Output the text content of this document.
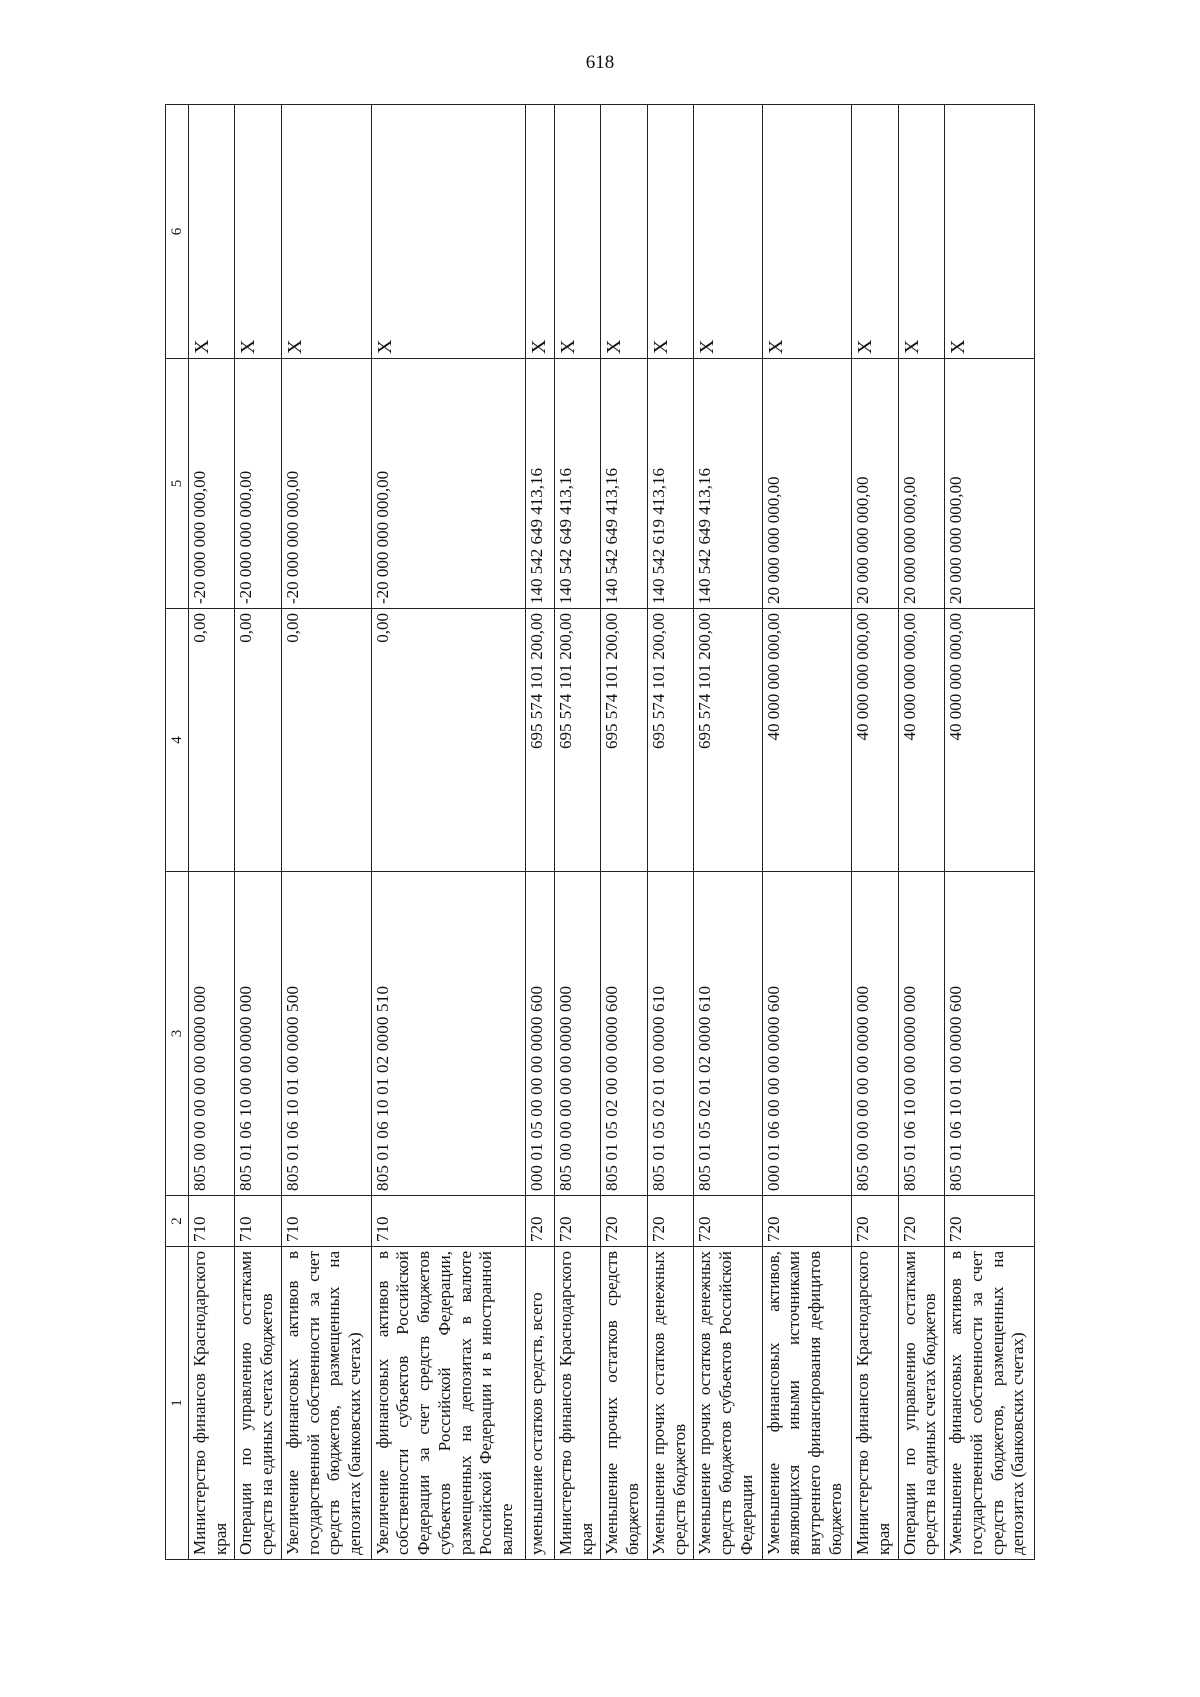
618
1	2	3	4	5	6
Министерство финансов Краснодарского края	710	805 00 00 00 00 00 0000 000	0,00	-20 000 000 000,00	X
Операции по управлению остатками средств на единых счетах бюджетов	710	805 01 06 10 00 00 0000 000	0,00	-20 000 000 000,00	X
Увеличение финансовых активов в государственной собственности за счет средств бюджетов, размещенных на депозитах (банковских счетах)	710	805 01 06 10 01 00 0000 500	0,00	-20 000 000 000,00	X
Увеличение финансовых активов в собственности субъектов Российской Федерации за счет средств бюджетов субъектов Российской Федерации, размещенных на депозитах в валюте Российской Федерации и в иностранной валюте	710	805 01 06 10 01 02 0000 510	0,00	-20 000 000 000,00	X
уменьшение остатков средств, всего	720	000 01 05 00 00 00 0000 600	695 574 101 200,00	140 542 649 413,16	X
Министерство финансов Краснодарского края	720	805 00 00 00 00 00 0000 000	695 574 101 200,00	140 542 649 413,16	X
Уменьшение прочих остатков средств бюджетов	720	805 01 05 02 00 00 0000 600	695 574 101 200,00	140 542 649 413,16	X
Уменьшение прочих остатков денежных средств бюджетов	720	805 01 05 02 01 00 0000 610	695 574 101 200,00	140 542 619 413,16	X
Уменьшение прочих остатков денежных средств бюджетов субъектов Российской Федерации	720	805 01 05 02 01 02 0000 610	695 574 101 200,00	140 542 649 413,16	X
Уменьшение финансовых активов, являющихся иными источниками внутреннего финансирования дефицитов бюджетов	720	000 01 06 00 00 00 0000 600	40 000 000 000,00	20 000 000 000,00	X
Министерство финансов Краснодарского края	720	805 00 00 00 00 00 0000 000	40 000 000 000,00	20 000 000 000,00	X
Операции по управлению остатками средств на единых счетах бюджетов	720	805 01 06 10 00 00 0000 000	40 000 000 000,00	20 000 000 000,00	X
Уменьшение финансовых активов в государственной собственности за счет средств бюджетов, размещенных на депозитах (банковских счетах)	720	805 01 06 10 01 00 0000 600	40 000 000 000,00	20 000 000 000,00	X
